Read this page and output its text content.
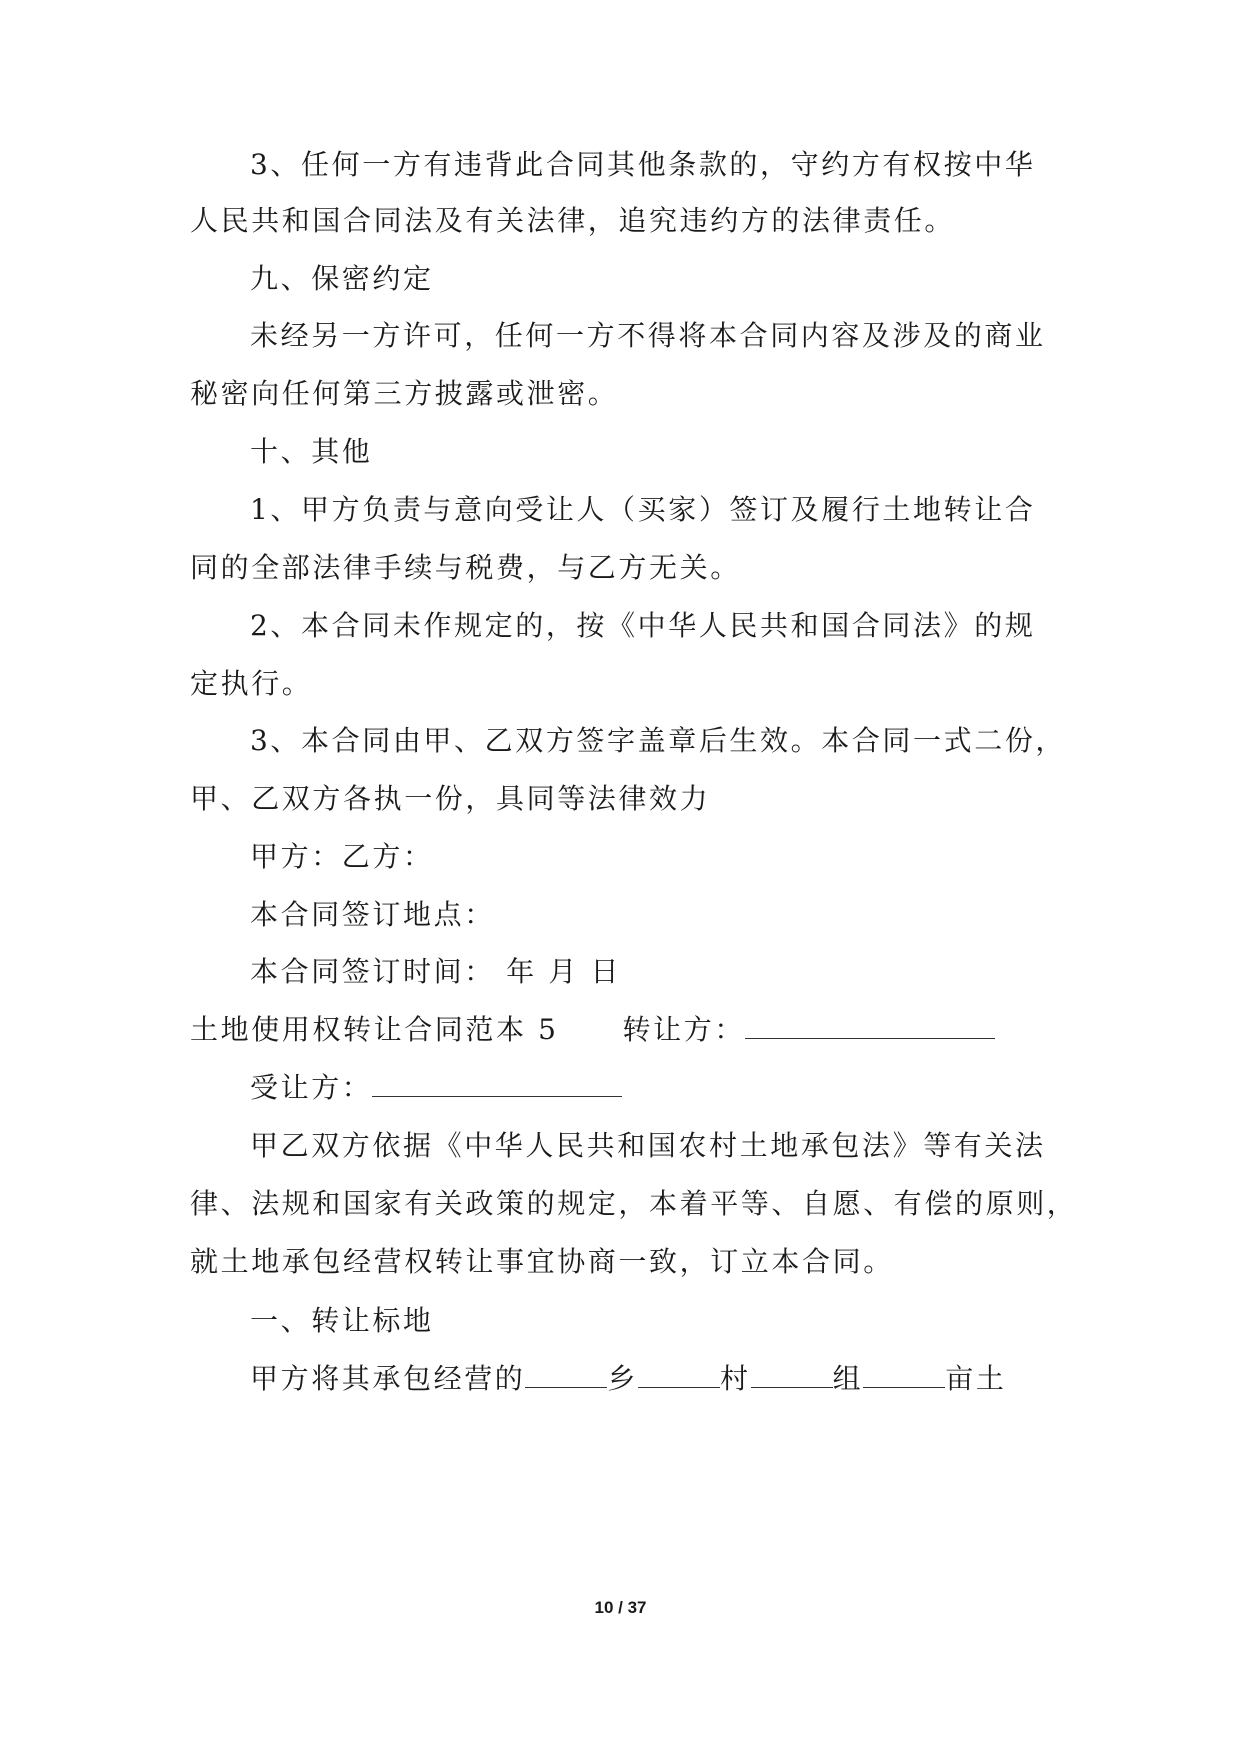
3、任何一方有违背此合同其他条款的，守约方有权按中华
人民共和国合同法及有关法律，追究违约方的法律责任。
九、保密约定
未经另一方许可，任何一方不得将本合同内容及涉及的商业
秘密向任何第三方披露或泄密。
十、其他
1、甲方负责与意向受让人（买家）签订及履行土地转让合
同的全部法律手续与税费，与乙方无关。
2、本合同未作规定的，按《中华人民共和国合同法》的规
定执行。
3、本合同由甲、乙双方签字盖章后生效。本合同一式二份，
甲、乙双方各执一份，具同等法律效力
甲方：乙方：
本合同签订地点：
本合同签订时间： 年 月 日
土地使用权转让合同范本 5 转让方：
受让方：
甲乙双方依据《中华人民共和国农村土地承包法》等有关法
律、法规和国家有关政策的规定，本着平等、自愿、有偿的原则，
就土地承包经营权转让事宜协商一致，订立本合同。
一、转让标地
甲方将其承包经营的	乡	村	组	亩土
10 / 37
